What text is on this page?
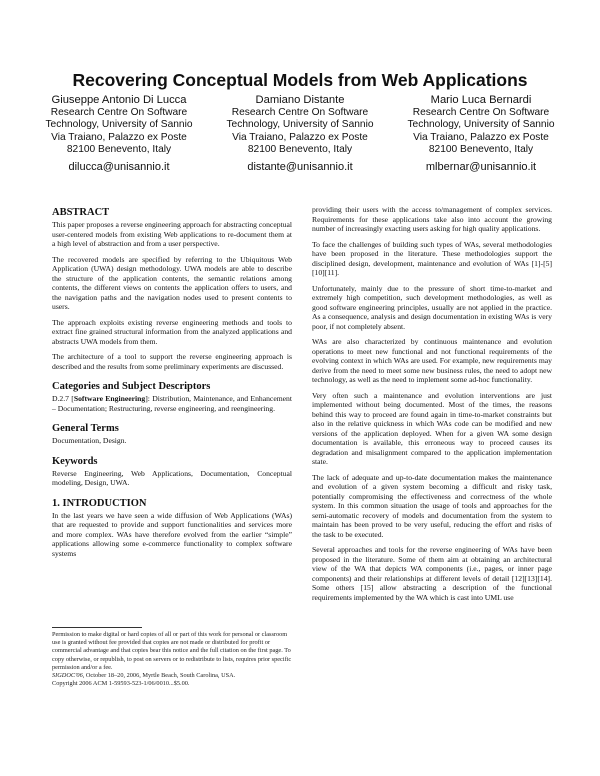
Recovering Conceptual Models from Web Applications
Giuseppe Antonio Di Lucca
Research Centre On Software
Technology, University of Sannio
Via Traiano, Palazzo ex Poste
82100 Benevento, Italy
dilucca@unisannio.it
Damiano Distante
Research Centre On Software
Technology, University of Sannio
Via Traiano, Palazzo ex Poste
82100 Benevento, Italy
distante@unisannio.it
Mario Luca Bernardi
Research Centre On Software
Technology, University of Sannio
Via Traiano, Palazzo ex Poste
82100 Benevento, Italy
mlbernar@unisannio.it
ABSTRACT

This paper proposes a reverse engineering approach for abstracting conceptual user-centered models from existing Web applications to re-document them at a high level of abstraction and from a user perspective.

The recovered models are specified by referring to the Ubiquitous Web Application (UWA) design methodology. UWA models are able to describe the structure of the application contents, the semantic relations among contents, the different views on contents the application offers to users, and the navigation paths and the navigation nodes used to present contents to users.

The approach exploits existing reverse engineering methods and tools to extract fine grained structural information from the analyzed applications and abstracts UWA models from them.

The architecture of a tool to support the reverse engineering approach is described and the results from some preliminary experiments are discussed.

Categories and Subject Descriptors

D.2.7 [Software Engineering]: Distribution, Maintenance, and Enhancement – Documentation; Restructuring, reverse engineering, and reengineering.

General Terms

Documentation, Design.

Keywords

Reverse Engineering, Web Applications, Documentation, Conceptual modeling, Design, UWA.

1. INTRODUCTION

In the last years we have seen a wide diffusion of Web Applications (WAs) that are requested to provide and support functionalities and services more and more complex. WAs have therefore evolved from the earlier “simple” applications allowing some e-commerce functionality to complex software systems

Permission to make digital or hard copies of all or part of this work for personal or classroom use is granted without fee provided that copies are not made or distributed for profit or commercial advantage and that copies bear this notice and the full citation on the first page. To copy otherwise, or republish, to post on servers or to redistribute to lists, requires prior specific permission and/or a fee.
SIGDOC'06, October 18–20, 2006, Myrtle Beach, South Carolina, USA.
Copyright 2006 ACM 1-59593-523-1/06/0010...$5.00.

providing their users with the access to/management of complex services. Requirements for these applications take also into account the growing number of increasingly exacting users asking for high quality applications.

To face the challenges of building such types of WAs, several methodologies have been proposed in the literature. These methodologies support the disciplined design, development, maintenance and evolution of WAs [1]-[5][10][11].

Unfortunately, mainly due to the pressure of short time-to-market and extremely high competition, such development methodologies, as well as good software engineering principles, usually are not applied in the practice. As a consequence, analysis and design documentation in existing WAs is very poor, if not completely absent.

WAs are also characterized by continuous maintenance and evolution operations to meet new functional and not functional requirements of the evolving context in which WAs are used. For example, new requirements may derive from the need to meet some new business rules, the need to adopt new technology, as well as the need to implement some ad-hoc functionality.

Very often such a maintenance and evolution interventions are just implemented without being documented. Most of the times, the reasons behind this way to proceed are found again in time-to-market constraints but also in the relative quickness in which WAs code can be modified and new versions of the application deployed. When for a given WA some design documentation is available, this erroneous way to proceed causes its degradation and misalignment compared to the application implementation state.

The lack of adequate and up-to-date documentation makes the maintenance and evolution of a given system becoming a difficult and risky task, potentially compromising the effectiveness and correctness of the whole system. In this common situation the usage of tools and approaches for the semi-automatic recovery of models and documentation from the system to maintain has been proved to be very useful, reducing the effort and risks of the task to be executed.

Several approaches and tools for the reverse engineering of WAs have been proposed in the literature. Some of them aim at obtaining an architectural view of the WA that depicts WA components (i.e., pages, or inner page components) and their relationships at different levels of detail [12][13][14]. Some others [15] allow abstracting a description of the functional requirements implemented by the WA which is cast into UML use
